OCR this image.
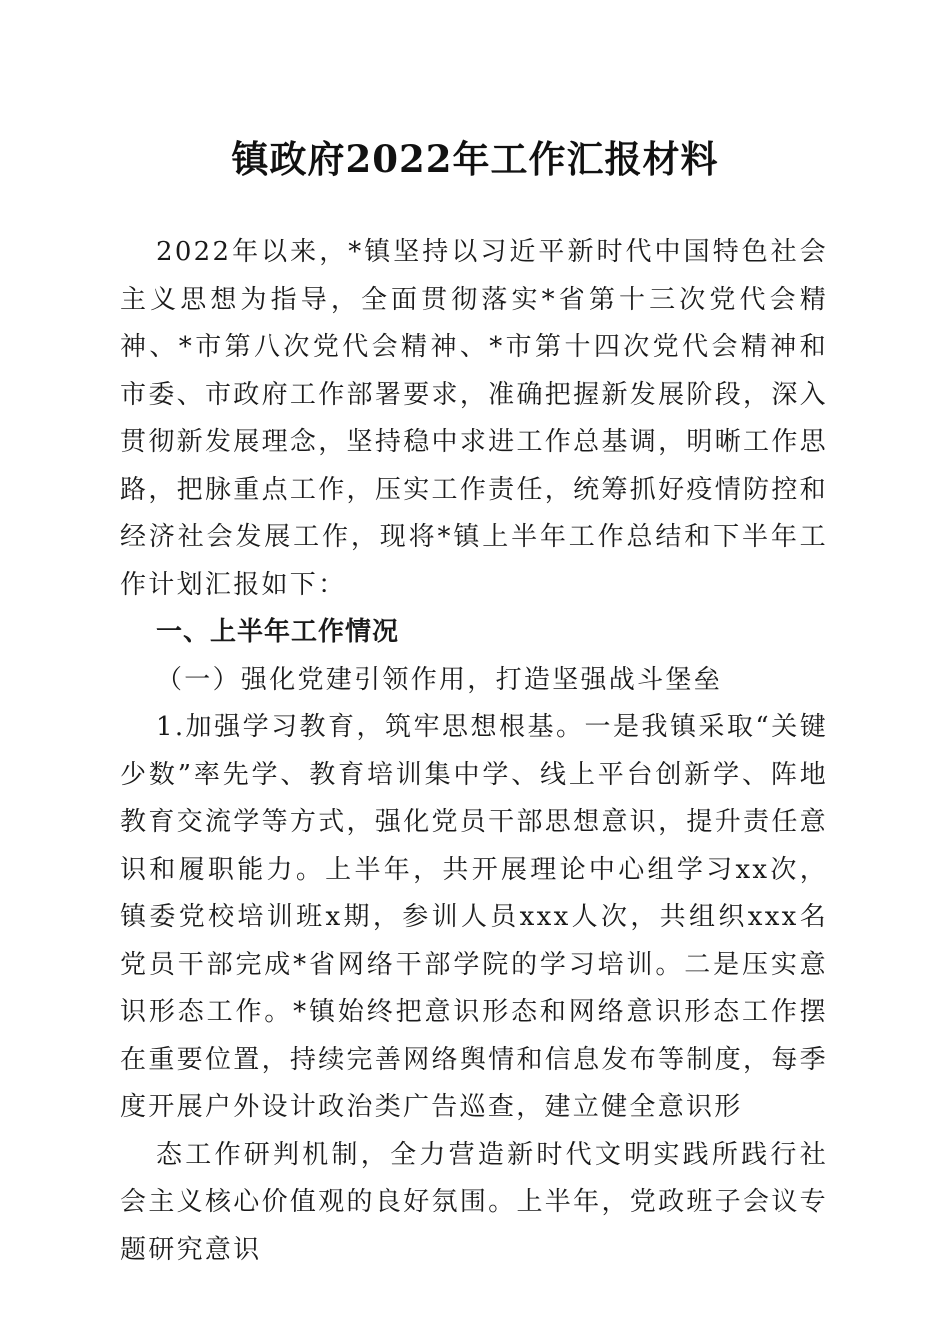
镇政府2022年工作汇报材料

2022年以来，*镇坚持以习近平新时代中国特色社会主义思想为指导，全面贯彻落实*省第十三次党代会精神、*市第八次党代会精神、*市第十四次党代会精神和市委、市政府工作部署要求，准确把握新发展阶段，深入贯彻新发展理念，坚持稳中求进工作总基调，明晰工作思路，把脉重点工作，压实工作责任，统筹抓好疫情防控和经济社会发展工作，现将*镇上半年工作总结和下半年工作计划汇报如下：

一、上半年工作情况

（一）强化党建引领作用，打造坚强战斗堡垒

1.加强学习教育，筑牢思想根基。一是我镇采取“关键少数”率先学、教育培训集中学、线上平台创新学、阵地教育交流学等方式，强化党员干部思想意识，提升责任意识和履职能力。上半年，共开展理论中心组学习xx次，镇委党校培训班x期，参训人员xxx人次，共组织xxx名党员干部完成*省网络干部学院的学习培训。二是压实意识形态工作。*镇始终把意识形态和网络意识形态工作摆在重要位置，持续完善网络舆情和信息发布等制度，每季度开展户外设计政治类广告巡查，建立健全意识形

态工作研判机制，全力营造新时代文明实践所践行社会主义核心价值观的良好氛围。上半年，党政班子会议专题研究意识
